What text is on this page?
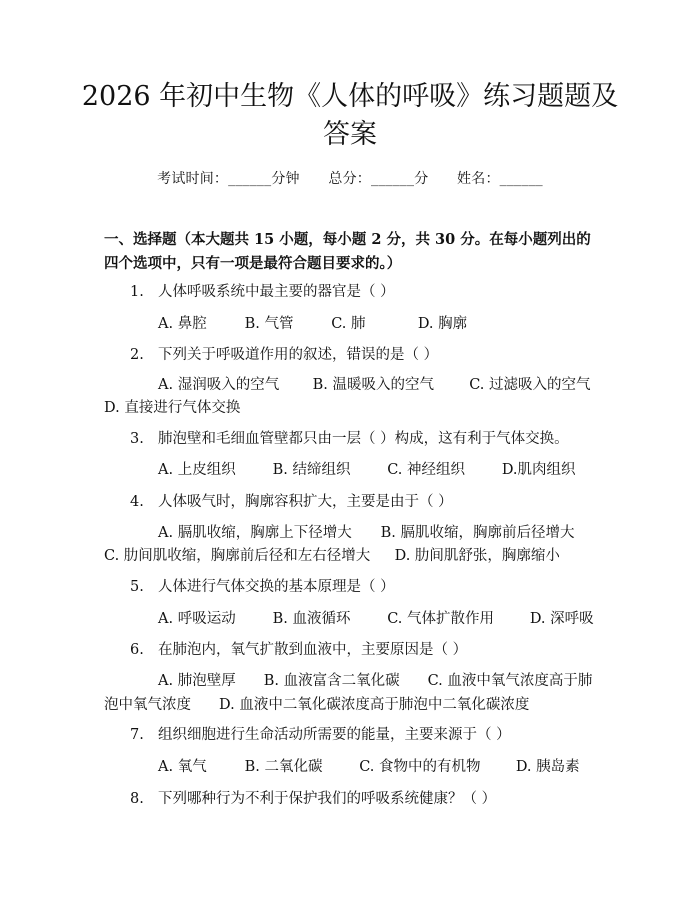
2026 年初中生物《人体的呼吸》练习题题及
答案
考试时间：______分钟 总分：______分 姓名：______
一、选择题（本大题共 15 小题，每小题 2 分，共 30 分。在每小题列出的四个选项中，只有一项是最符合题目要求的。）
1. 人体呼吸系统中最主要的器官是（ ）
A. 鼻腔	B. 气管	C. 肺	D. 胸廓
2. 下列关于呼吸道作用的叙述，错误的是（ ）
A. 湿润吸入的空气 B. 温暖吸入的空气 C. 过滤吸入的空气
D. 直接进行气体交换
3. 肺泡壁和毛细血管壁都只由一层（ ）构成，这有利于气体交换。
A. 上皮组织	B. 结缔组织	C. 神经组织	D.肌肉组织
4. 人体吸气时，胸廓容积扩大，主要是由于（ ）
A. 膈肌收缩，胸廓上下径增大 B. 膈肌收缩，胸廓前后径增大
C. 肋间肌收缩，胸廓前后径和左右径增大 D. 肋间肌舒张，胸廓缩小
5. 人体进行气体交换的基本原理是（ ）
A. 呼吸运动	B. 血液循环	C. 气体扩散作用 D. 深呼吸
6. 在肺泡内，氧气扩散到血液中，主要原因是（ ）
A. 肺泡壁厚 B. 血液富含二氧化碳 C. 血液中氧气浓度高于肺泡中氧气浓度 D. 血液中二氧化碳浓度高于肺泡中二氧化碳浓度
7. 组织细胞进行生命活动所需要的能量，主要来源于（ ）
A. 氧气	B. 二氧化碳	C. 食物中的有机物 D. 胰岛素
8. 下列哪种行为不利于保护我们的呼吸系统健康？（ ）
